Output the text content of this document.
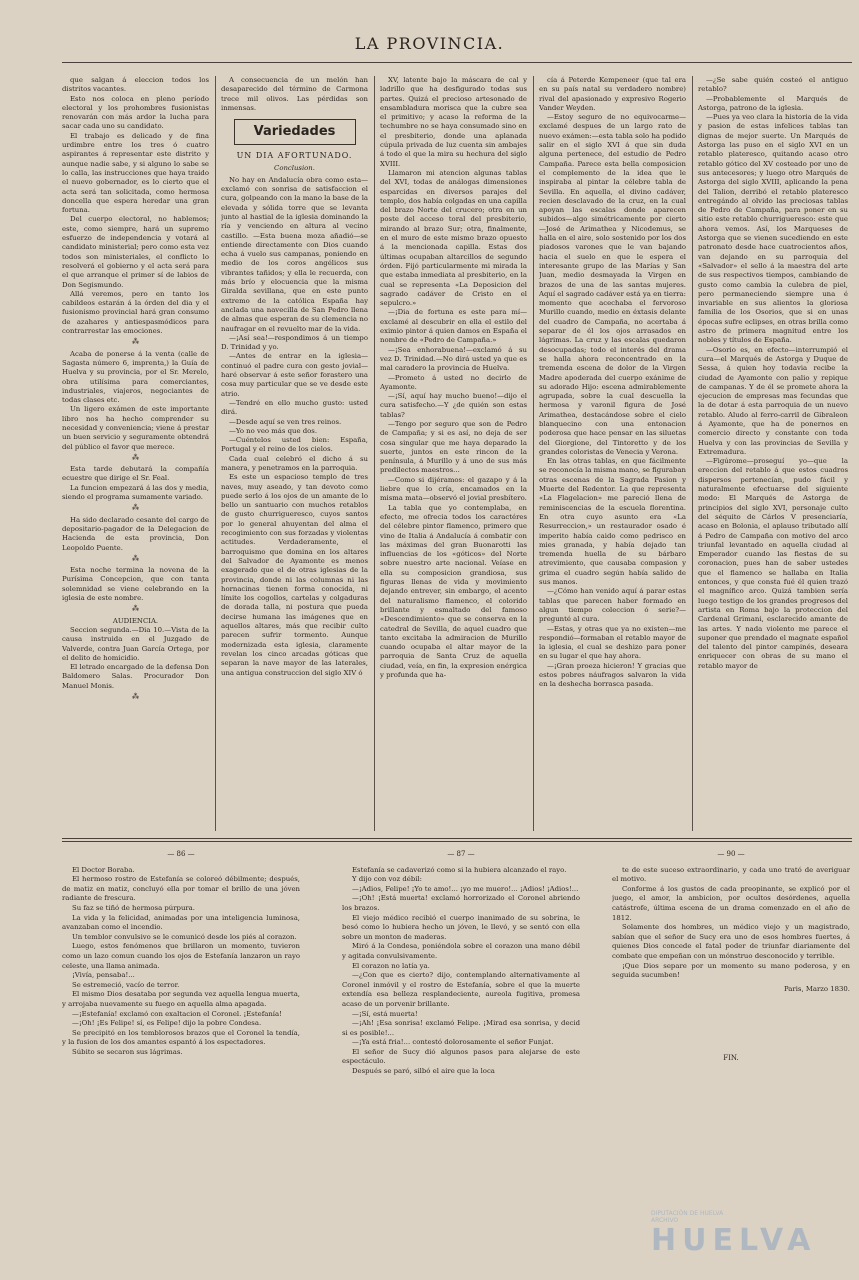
LA PROVINCIA.

que salgan á eleccion todos los distritos vacantes.

Esto nos coloca en pleno período electoral y los prohombres fusionistas renovarán con más ardor la lucha para sacar cada uno su candidato.

El trabajo es delicado y de fina urdimbre entre los tres ó cuatro aspirantes á representar este distrito y aunque nadie sabe, y si alguno lo sabe se lo calla, las instrucciones que haya traido el nuevo gobernador, es lo cierto que el acta será tan solicitada, como hermosa doncella que espera heredar una gran fortuna.

Del cuerpo electoral, no hablemos; este, como siempre, hará un supremo esfuerzo de independencia y votará al candidato ministerial; pero como esta vez todos son ministeriales, el conflicto lo resolverá el gobierno y el acta será para el que arranque el primer sí de labios de Don Segismundo.

Allá veremos, pero en tanto los cabildeos estarán á la órden del dia y el fusionismo provincial hará gran consumo de azahares y antiespasmódicos para contrarrestar las emociones.

⁂

Acaba de ponerse á la venta (calle de Sagasta número 6, imprenta,) la Guía de Huelva y su provincia, por el Sr. Merelo, obra utilísima para comerciantes, industriales, viajeros, negociantes de todas clases etc.

Un ligero exámen de este importante libro nos ha hecho comprender su necesidad y conveniencia; viene á prestar un buen servicio y seguramente obtendrá del público el favor que merece.

⁂

Esta tarde debutará la compañía ecuestre que dirige el Sr. Feal.

La funcion empezará á las dos y media, siendo el programa sumamente variado.

⁂

Ha sido declarado cesante del cargo de depositario-pagador de la Delegacion de Hacienda de esta provincia, Don Leopoldo Puente.

⁂

Esta noche termina la novena de la Purísima Concepcion, que con tanta solemnidad se viene celebrando en la iglesia de este nombre.

⁂

AUDIENCIA.

Seccion segunda.—Dia 10.—Vista de la causa instruida en el Juzgado de Valverde, contra Juan García Ortega, por el delito de homicidio.

El letrado encargado de la defensa Don Baldomero Salas. Procurador Don Manuel Monis.

⁂

A consecuencia de un melón han desaparecido del término de Carmona trece mil olivos. Las pérdidas son inmensas.

Variedades
UN DIA AFORTUNADO.
Conclusion.

No hay en Andalucía obra como esta—exclamó con sonrisa de satisfaccion el cura, golpeando con la mano la base de la elevada y sólida torre que se levanta junto al hastial de la iglesia dominando la ría y venciendo en altura al vecino castillo. —Esta buena moza añadió—se entiende directamente con Dios cuando echa á vuelo sus campanas, poniendo en medio de los coros angélicos sus vibrantes tañidos; y ella le recuerda, con más brío y elocuencia que la misma Giralda sevillana, que en este punto extremo de la católica España hay anclada una navecilla de San Pedro llena de almas que esperan de su clemencia no naufragar en el revuelto mar de la vida.

—¡Así sea!—respondimos á un tiempo D. Trinidad y yo.

—Antes de entrar en la iglesia—continuó el padre cura con gesto jovial—haré observar á este señor forastero una cosa muy particular que se ve desde este atrio.

—Tendré en ello mucho gusto: usted dirá.

—Desde aquí se ven tres reinos.

—Yo no veo más que dos.

—Cuéntelos usted bien: España, Portugal y el reino de los cielos.

Cada cual celebró el dicho á su manera, y penetramos en la parroquia.

Es este un espacioso templo de tres naves, muy aseado, y tan devoto como puede serlo á los ojos de un amante de lo bello un santuario con muchos retablos de gusto churrigueresco, cuyos santos por lo general ahuyentan del alma el recogimiento con sus forzadas y violentas actitudes. Verdaderamente, el barroquismo que domina en los altares del Salvador de Ayamonte es menos exagerado que el de otras iglesias de la provincia, donde ni las columnas ni las hornacinas tienen forma conocida, ni límite los cogollos, cartelas y colgaduras de dorada talla, ni postura que pueda decirse humana las imágenes que en aquellos altares, más que recibir culto parecen sufrir tormento. Aunque modernizada esta iglesia, claramente revelan los cinco arcadas góticas que separan la nave mayor de las laterales, una antigua construccion del siglo XIV ó

XV, latente bajo la máscara de cal y ladrillo que ha desfigurado todas sus partes. Quizá el precioso artesonado de ensambladura morisca que la cubre sea el primitivo; y acaso la reforma de la techumbre no se haya consumado sino en el presbiterio, donde una aplanada cúpula privada de luz cuenta sin ambajes á todo el que la mira su hechura del siglo XVIII.

Llamaron mi atencion algunas tablas del XVI, todas de análogas dimensiones esparcidas en diversos parajes del templo, dos había colgadas en una capilla del brazo Norte del crucero; otra en un poste del acceso toral del presbiterio, mirando al brazo Sur; otra, finalmente, en el muro de este mismo brazo opuesto á la mencionada capilla. Estas dos últimas ocupaban altarcillos de segundo órden. Fijó particularmente mi mirada la que estaba inmediata al presbiterio, en la cual se representa «La Deposicion del sagrado cadáver de Cristo en el sepulcro.»

—¡Dia de fortuna es este para mí—exclamé al descubrir en ella el estilo del eximio pintor á quien damos en España el nombre de «Pedro de Campaña.»

—¡Sea enhorabuena!—exclamó á su vez D. Trinidad.—No dirá usted ya que es mal caradero la provincia de Huelva.

—Prometo á usted no decirlo de Ayamonte.

—¡Sí, aquí hay mucho bueno!—dijo el cura satisfecho.—Y ¿de quién son estas tablas?

—Tengo por seguro que son de Pedro de Campaña; y si es así, no deja de ser cosa singular que me haya deparado la suerte, juntos en este rincon de la península, á Murillo y á uno de sus más predilectos maestros...

—Como si dijéramos: el gazapo y á la liebre que lo cría, encamados en la misma mata—observó el jovial presbítero.

La tabla que yo contemplaba, en efecto, me ofrecia todos los caractéres del célebre pintor flamenco, primero que vino de Italia á Andalucía á combatir con las máximas del gran Buonarotti las influencias de los «góticos» del Norte sobre nuestro arte nacional. Veíase en ella su composicion grandiosa, sus figuras llenas de vida y movimiento dejando entrever, sin embargo, el acento del naturalismo flamenco, el colorido brillante y esmaltado del famoso «Descendimiento» que se conserva en la catedral de Sevilla, de aquel cuadro que tanto excitaba la admiracion de Murillo cuando ocupaba el altar mayor de la parroquia de Santa Cruz de aquella ciudad, veía, en fin, la expresion enérgica y profunda que ha-

cía á Peterde Kempeneer (que tal era en su país natal su verdadero nombre) rival del apasionado y expresivo Rogerio Vander Weyden.

—Estoy seguro de no equivocarme—exclamé despues de un largo rato de nuevo exámen:—esta tabla solo ha podido salir en el siglo XVI á que sin duda alguna pertenece, del estudio de Pedro Campaña. Parece esta bella composicion el complemento de la idea que le inspiraba al pintar la célebre tabla de Sevilla. En aquella, el divino cadáver, recien desclavado de la cruz, en la cual apoyan las escalas donde aparecen subidos—algo simétricamente por cierto—José de Arimathea y Nicodemus, se halla en el aire, solo sostenido por los dos piadosos varones que le van bajando hacia el suelo en que le espera el interesante grupo de las Marías y San Juan, medio desmayada la Virgen en brazos de una de las santas mujeres. Aquí el sagrado cadáver está ya en tierra: momento que acechaba el fervoroso Murillo cuando, medio en éxtasis delante del cuadro de Campaña, no acertaba á separar de él los ojos arrasados en lágrimas. La cruz y las escalas quedaron desocupadas; todo el interés del drama se halla ahora reconcentrado en la tremenda escena de dolor de la Virgen Madre apoderada del cuerpo exánime de su adorado Hijo: escena admirablemente agrupada, sobre la cual descuella la hermosa y varonil figura de José Arimathea, destacándose sobre el cielo blanquecino con una entonacion poderosa que hace pensar en las siluetas del Giorgione, del Tintoretto y de los grandes coloristas de Venecia y Verona.

En las otras tablas, en que fácilmente se reconocía la misma mano, se figuraban otras escenas de la Sagrada Pasion y Muerte del Redentor. La que representa «La Flagelacion» me pareció llena de reminiscencias de la escuela florentina. En otra cuyo asunto era «La Resurreccion,» un restaurador osado é imperito había caido como pedrisco en mies granada, y había dejado tan tremenda huella de su bárbaro atrevimiento, que causaba compasion y grima el cuadro según había salido de sus manos.

—¿Cómo han venido aquí á parar estas tablas que parecen haber formado en algun tiempo coleccion ó serie?—pregunté al cura.

—Estas, y otras que ya no existen—me respondió—formaban el retablo mayor de la iglesia, el cual se deshizo para poner en su lugar el que hay ahora.

—¡Gran proeza hicieron! Y gracias que estos pobres náufragos salvaron la vida en la deshecha borrasca pasada.

—¿Se sabe quién costeó el antiguo retablo?

—Probablemente el Marqués de Astorga, patrono de la iglesia.

—Pues ya veo clara la historia de la vida y pasion de estas infelices tablas tan dignas de mejor suerte. Un Marqués de Astorga las puso en el siglo XVI en un retablo plateresco, quitando acaso otro retablo gótico del XV costeado por uno de sus antecesores; y luego otro Marqués de Astorga del siglo XVIII, aplicando la pena del Talion, derribó el retablo plateresco entregándo al olvido las preciosas tablas de Pedro de Campaña, para poner en su sitio este retablo churrigueresco: este que ahora vemos. Así, los Marqueses de Astorga que se vienen sucediendo en este patronato desde hace cuatrocientos años, van dejando en su parroquia del «Salvador» el sello á la maestra del arte de sus respectivos tiempos, cambiando de gusto como cambia la culebra de piel, pero permaneciendo siempre una é invariable en sus alientos la gloriosa familia de los Osorios, que si en unas épocas sufre eclipses, en otras brilla como astro de primera magnitud entre los nobles y títulos de España.

—Osorio es, en efecto—interrumpió el cura—el Marqués de Astorga y Duque de Sessa, á quien hoy todavia recibe la ciudad de Ayamonte con palio y repique de campanas. Y de él se promete ahora la ejecucion de empresas mas fecundas que la de dotar á esta parroquia de un nuevo retablo. Aludo al ferro-carril de Gibraleon á Ayamonte, que ha de ponernos en comercio directo y constante con toda Huelva y con las provincias de Sevilla y Extremadura.

—Figúrome—proseguí yo—que la ereccion del retablo á que estos cuadros dispersos pertenecían, pudo fácil y naturalmente efectuarse del siguiente modo: El Marqués de Astorga de principios del siglo XVI, personaje culto del séquito de Cárlos V presenciaría, acaso en Bolonia, el aplauso tributado allí á Pedro de Campaña con motivo del arco triunfal levantado en aquella ciudad al Emperador cuando las fiestas de su coronacion, pues han de saber ustedes que el flamenco se hallaba en Italia entonces, y que consta fué él quien trazó el magnífico arco. Quizá tambien sería luego testigo de los grandes progresos del artista en Roma bajo la proteccion del Cardenal Grimani, esclarecido amante de las artes. Y nada violento me parece el suponer que prendado el magnate español del talento del pintor campinés, deseara enriquecer con obras de su mano el retablo mayor de

— 86 —

El Doctor Boraba.

El hermoso rostro de Estefanía se coloreó débilmente; después, de matiz en matiz, concluyó ella por tomar el brillo de una jóven radiante de frescura.

Su faz se tiñó de hermosa púrpura.

La vida y la felicidad, animadas por una inteligencia luminosa, avanzaban como el incendio.

Un temblor convulsivo se le comunicó desde los piés al corazon.

Luego, estos fenómenos que brillaron un momento, tuvieron como un lazo comun cuando los ojos de Estefanía lanzaron un rayo celeste, una llama animada.

¡Vivía, pensaba!...

Se estremeció, vacío de terror.

El mismo Dios desataba por segunda vez aquella lengua muerta, y arrojaba nuevamente su fuego en aquella alma apagada.

—¡Estefanía! exclamó con exaltacion el Coronel. ¡Estefanía!

—¡Oh! ¡Es Felipe! sí, es Felipe! dijo la pobre Condesa.

Se precipitó en los temblorosos brazos que el Coronel la tendía, y la fusion de los dos amantes espantó á los espectadores.

Súbito se secaron sus lágrimas.

— 87 —

Estefanía se cadaverizó como si la hubiera alcanzado el rayo.

Y dijo con voz débil:

—¡Adios, Felipe! ¡Yo te amo!... ¡yo me muero!... ¡Adios! ¡Adios!...

—¡Oh! ¡Está muerta! exclamó horrorizado el Coronel abriendo los brazos.

El viejo médico recibió el cuerpo inanimado de su sobrina, le besó como lo hubiera hecho un jóven, le llevó, y se sentó con ella sobre un monton de maderas.

Miró á la Condesa, poniéndola sobre el corazon una mano débil y agitada convulsivamente.

El corazon no latía ya.

—¿Con que es cierto? dijo, contemplando alternativamente al Coronel inmóvil y el rostro de Estefanía, sobre el que la muerte extendía esa belleza resplandeciente, aureola fugitiva, promesa acaso de un porvenir brillante.

—¡Sí, está muerta!

—¡Ah! ¡Esa sonrisa! exclamó Felipe. ¡Mirad esa sonrisa, y decid si es posible!...

—¡Ya está fria!... contestó dolorosamente el señor Funjat.

El señor de Sucy dió algunos pasos para alejarse de este espectáculo.

Después se paró, silbó el aire que la loca

— 90 —

te de este suceso extraordinario, y cada uno trató de averiguar el motivo.

Conforme á los gustos de cada preopinante, se explicó por el juego, el amor, la ambicion, por ocultos desórdenes, aquella catástrofe, última escena de un drama comenzado en el año de 1812.

Solamente dos hombres, un médico viejo y un magistrado, sabían que el señor de Sucy era uno de esos hombres fuertes, á quienes Dios concede el fatal poder de triunfar diariamente del combate que empeñan con un mónstruo desconocido y terrible.

¡Que Dios separe por un momento su mano poderosa, y en seguida sucumben!

Paris, Marzo 1830.
FIN.
DIPUTACIÓN DE HUELVA
ARCHIVO
HUELVA
